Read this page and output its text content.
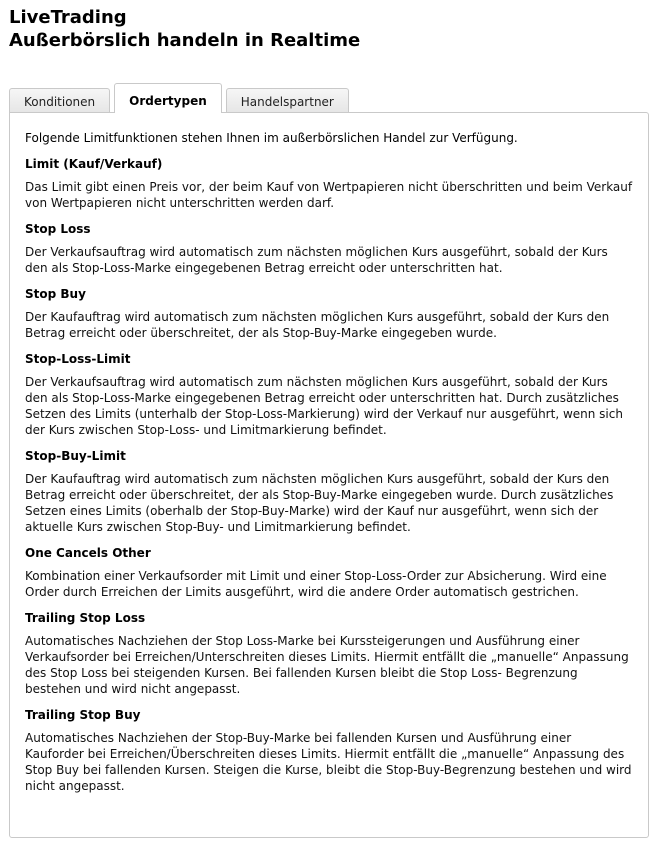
LiveTrading
Außerbörslich handeln in Realtime
Konditionen	Ordertypen	Handelspartner

Folgende Limitfunktionen stehen Ihnen im außerbörslichen Handel zur Verfügung.

Limit (Kauf/Verkauf)

Das Limit gibt einen Preis vor, der beim Kauf von Wertpapieren nicht überschritten und beim Verkauf von Wertpapieren nicht unterschritten werden darf.

Stop Loss

Der Verkaufsauftrag wird automatisch zum nächsten möglichen Kurs ausgeführt, sobald der Kurs den als Stop-Loss-Marke eingegebenen Betrag erreicht oder unterschritten hat.

Stop Buy

Der Kaufauftrag wird automatisch zum nächsten möglichen Kurs ausgeführt, sobald der Kurs den Betrag erreicht oder überschreitet, der als Stop-Buy-Marke eingegeben wurde.

Stop-Loss-Limit

Der Verkaufsauftrag wird automatisch zum nächsten möglichen Kurs ausgeführt, sobald der Kurs den als Stop-Loss-Marke eingegebenen Betrag erreicht oder unterschritten hat. Durch zusätzliches Setzen des Limits (unterhalb der Stop-Loss-Markierung) wird der Verkauf nur ausgeführt, wenn sich der Kurs zwischen Stop-Loss- und Limitmarkierung befindet.

Stop-Buy-Limit

Der Kaufauftrag wird automatisch zum nächsten möglichen Kurs ausgeführt, sobald der Kurs den Betrag erreicht oder überschreitet, der als Stop-Buy-Marke eingegeben wurde. Durch zusätzliches Setzen eines Limits (oberhalb der Stop-Buy-Marke) wird der Kauf nur ausgeführt, wenn sich der aktuelle Kurs zwischen Stop-Buy- und Limitmarkierung befindet.

One Cancels Other

Kombination einer Verkaufsorder mit Limit und einer Stop-Loss-Order zur Absicherung. Wird eine Order durch Erreichen der Limits ausgeführt, wird die andere Order automatisch gestrichen.

Trailing Stop Loss

Automatisches Nachziehen der Stop Loss-Marke bei Kurssteigerungen und Ausführung einer Verkaufsorder bei Erreichen/Unterschreiten dieses Limits. Hiermit entfällt die „manuelle“ Anpassung des Stop Loss bei steigenden Kursen. Bei fallenden Kursen bleibt die Stop Loss- Begrenzung bestehen und wird nicht angepasst.

Trailing Stop Buy

Automatisches Nachziehen der Stop-Buy-Marke bei fallenden Kursen und Ausführung einer Kauforder bei Erreichen/Überschreiten dieses Limits. Hiermit entfällt die „manuelle“ Anpassung des Stop Buy bei fallenden Kursen. Steigen die Kurse, bleibt die Stop-Buy-Begrenzung bestehen und wird nicht angepasst.
